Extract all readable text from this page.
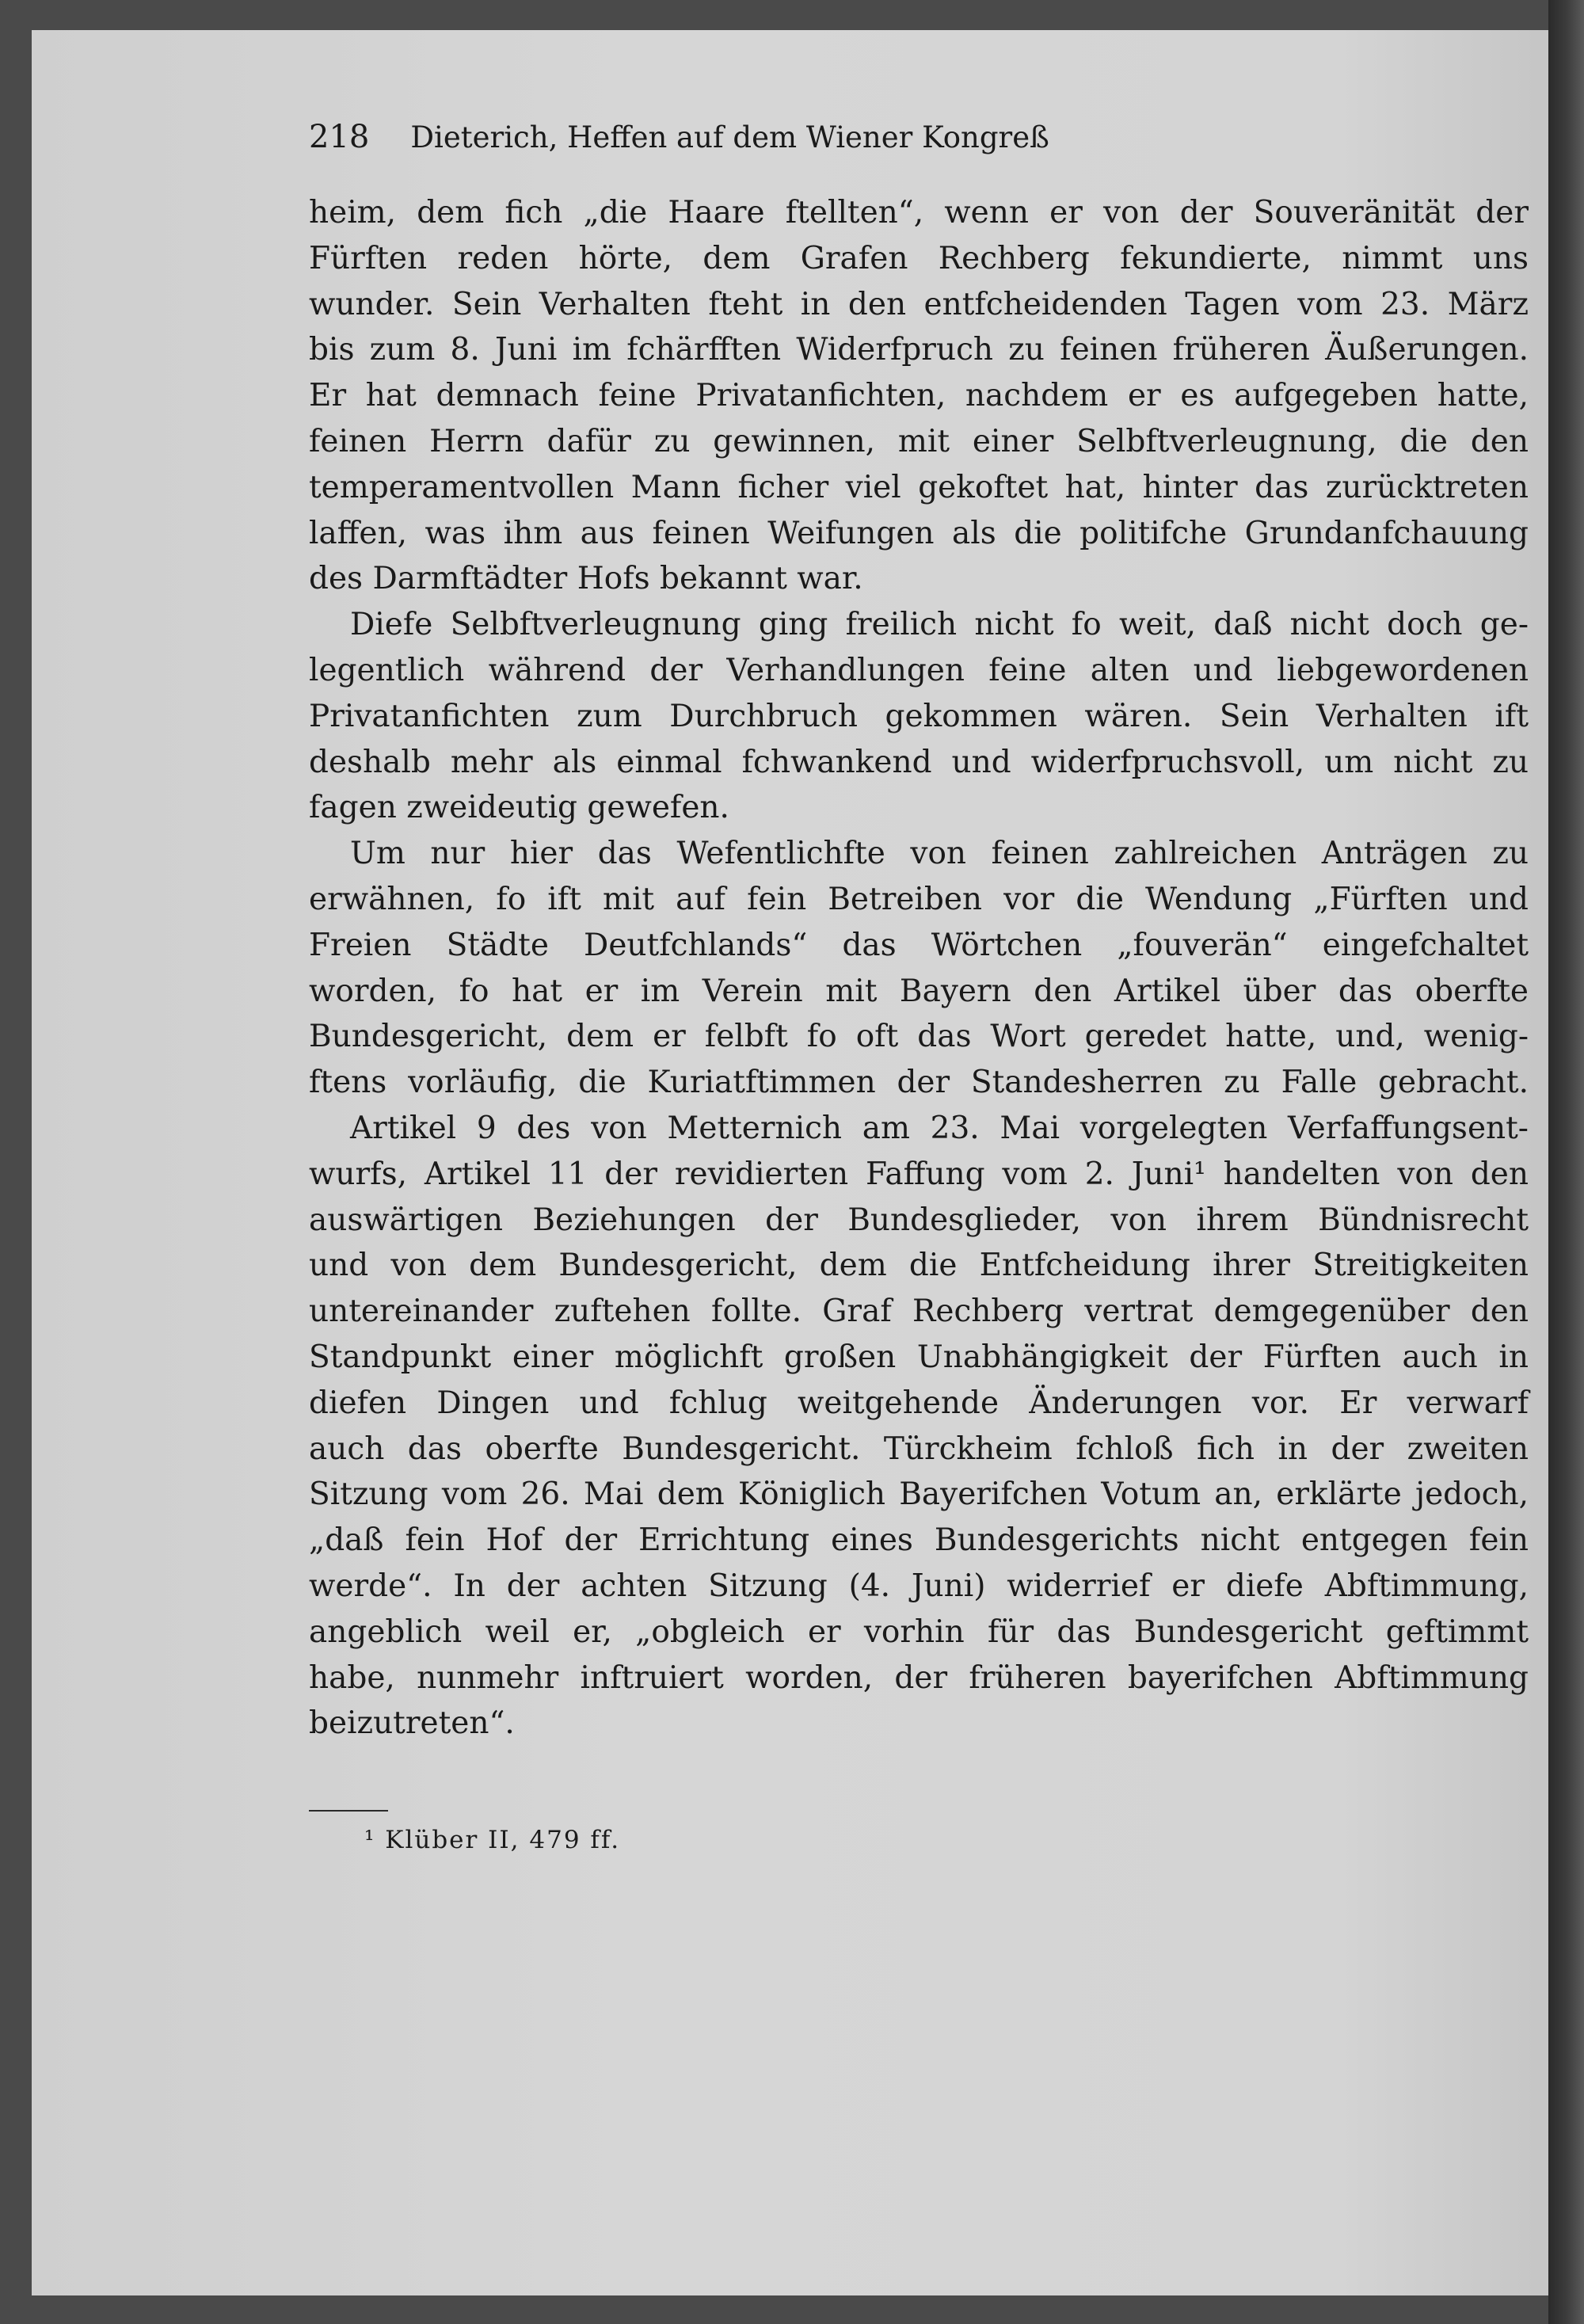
218 Dieterich, Heffen auf dem Wiener Kongreß
heim, dem fich „die Haare ftellten“, wenn er von der Souveränität der
Fürften reden hörte, dem Grafen Rechberg fekundierte, nimmt uns
wunder. Sein Verhalten fteht in den entfcheidenden Tagen vom 23. März
bis zum 8. Juni im fchärfften Widerfpruch zu feinen früheren Äußerungen.
Er hat demnach feine Privatanfichten, nachdem er es aufgegeben hatte,
feinen Herrn dafür zu gewinnen, mit einer Selbftverleugnung, die den
temperamentvollen Mann ficher viel gekoftet hat, hinter das zurücktreten
laffen, was ihm aus feinen Weifungen als die politifche Grundanfchauung
des Darmftädter Hofs bekannt war.
Diefe Selbftverleugnung ging freilich nicht fo weit, daß nicht doch ge-
legentlich während der Verhandlungen feine alten und liebgewordenen
Privatanfichten zum Durchbruch gekommen wären. Sein Verhalten ift
deshalb mehr als einmal fchwankend und widerfpruchsvoll, um nicht zu
fagen zweideutig gewefen.
Um nur hier das Wefentlichfte von feinen zahlreichen Anträgen zu
erwähnen, fo ift mit auf fein Betreiben vor die Wendung „Fürften und
Freien Städte Deutfchlands“ das Wörtchen „fouverän“ eingefchaltet
worden, fo hat er im Verein mit Bayern den Artikel über das oberfte
Bundesgericht, dem er felbft fo oft das Wort geredet hatte, und, wenig-
ftens vorläufig, die Kuriatftimmen der Standesherren zu Falle gebracht.
Artikel 9 des von Metternich am 23. Mai vorgelegten Verfaffungsent-
wurfs, Artikel 11 der revidierten Faffung vom 2. Juni¹ handelten von den
auswärtigen Beziehungen der Bundesglieder, von ihrem Bündnisrecht
und von dem Bundesgericht, dem die Entfcheidung ihrer Streitigkeiten
untereinander zuftehen follte. Graf Rechberg vertrat demgegenüber den
Standpunkt einer möglichft großen Unabhängigkeit der Fürften auch in
diefen Dingen und fchlug weitgehende Änderungen vor. Er verwarf
auch das oberfte Bundesgericht. Türckheim fchloß fich in der zweiten
Sitzung vom 26. Mai dem Königlich Bayerifchen Votum an, erklärte jedoch,
„daß fein Hof der Errichtung eines Bundesgerichts nicht entgegen fein
werde“. In der achten Sitzung (4. Juni) widerrief er diefe Abftimmung,
angeblich weil er, „obgleich er vorhin für das Bundesgericht geftimmt
habe, nunmehr inftruiert worden, der früheren bayerifchen Abftimmung
beizutreten“.
¹ Klüber II, 479 ff.
